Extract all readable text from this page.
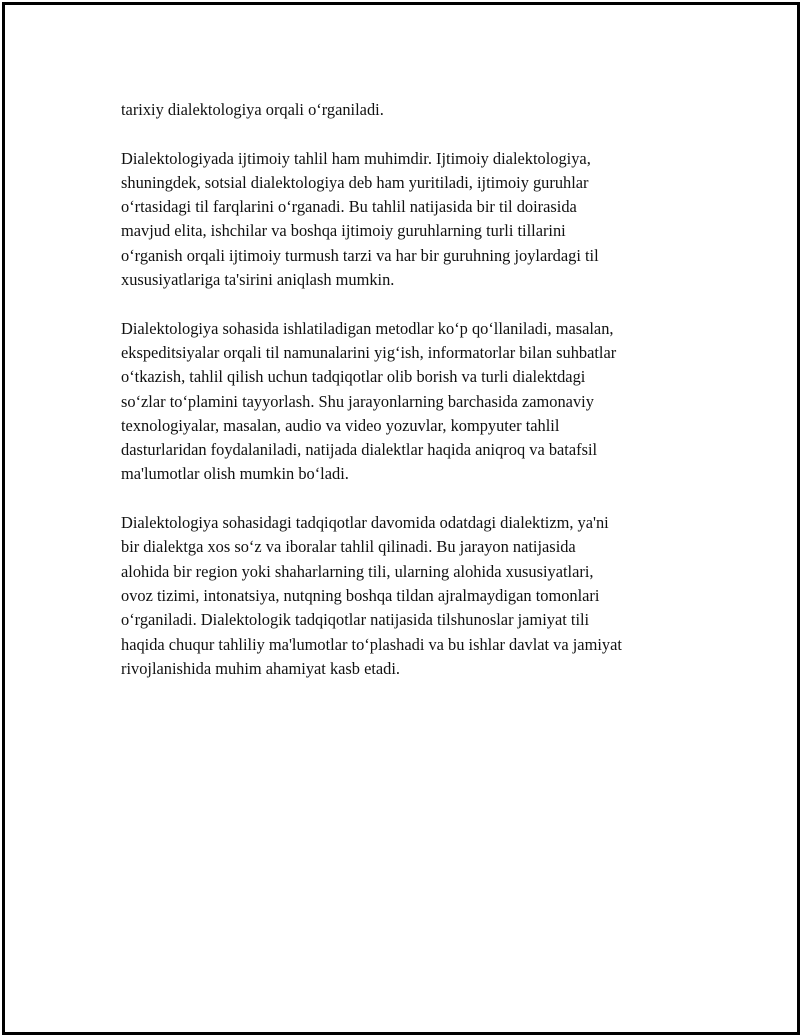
tarixiy dialektologiya orqali o‘rganiladi.
Dialektologiyada ijtimoiy tahlil ham muhimdir. Ijtimoiy dialektologiya,
shuningdek, sotsial dialektologiya deb ham yuritiladi, ijtimoiy guruhlar
o‘rtasidagi til farqlarini o‘rganadi. Bu tahlil natijasida bir til doirasida
mavjud elita, ishchilar va boshqa ijtimoiy guruhlarning turli tillarini
o‘rganish orqali ijtimoiy turmush tarzi va har bir guruhning joylardagi til
xususiyatlariga ta'sirini aniqlash mumkin.
Dialektologiya sohasida ishlatiladigan metodlar ko‘p qo‘llaniladi, masalan,
ekspeditsiyalar orqali til namunalarini yig‘ish, informatorlar bilan suhbatlar
o‘tkazish, tahlil qilish uchun tadqiqotlar olib borish va turli dialektdagi
so‘zlar to‘plamini tayyorlash. Shu jarayonlarning barchasida zamonaviy
texnologiyalar, masalan, audio va video yozuvlar, kompyuter tahlil
dasturlaridan foydalaniladi, natijada dialektlar haqida aniqroq va batafsil
ma'lumotlar olish mumkin bo‘ladi.
Dialektologiya sohasidagi tadqiqotlar davomida odatdagi dialektizm, ya'ni
bir dialektga xos so‘z va iboralar tahlil qilinadi. Bu jarayon natijasida
alohida bir region yoki shaharlarning tili, ularning alohida xususiyatlari,
ovoz tizimi, intonatsiya, nutqning boshqa tildan ajralmaydigan tomonlari
o‘rganiladi. Dialektologik tadqiqotlar natijasida tilshunoslar jamiyat tili
haqida chuqur tahliliy ma'lumotlar to‘plashadi va bu ishlar davlat va jamiyat
rivojlanishida muhim ahamiyat kasb etadi.
